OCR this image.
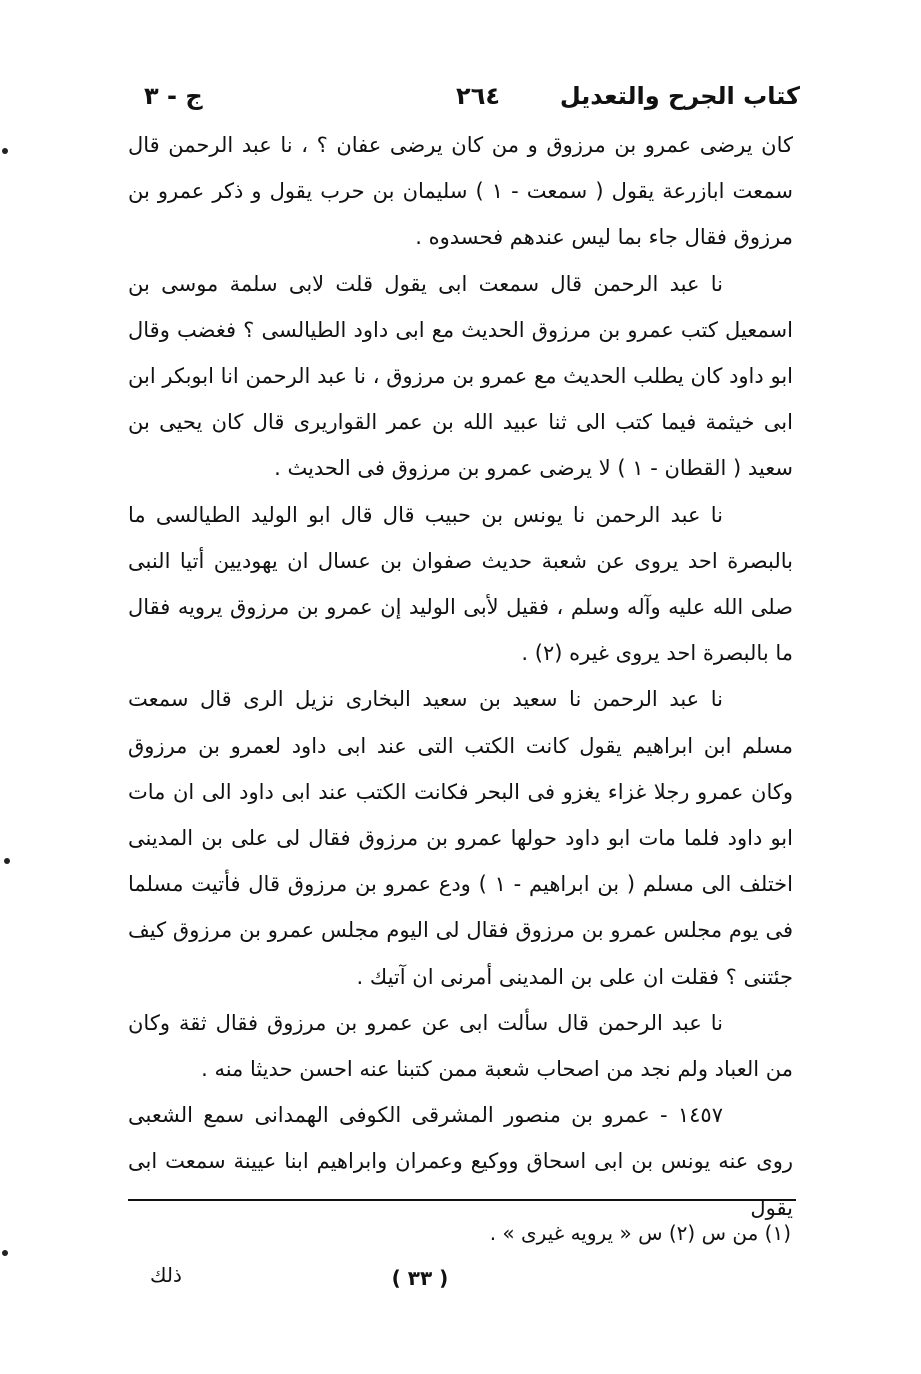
كتاب الجرح والتعديل
٢٦٤
ج - ٣

كان يرضى عمرو بن مرزوق و من كان يرضى عفان ؟ ، نا عبد الرحمن قال سمعت ابازرعة يقول ( سمعت - ١ ) سليمان بن حرب يقول و ذكر عمرو بن مرزوق فقال جاء بما ليس عندهم فحسدوه .

نا عبد الرحمن قال سمعت ابى يقول قلت لابى سلمة موسى بن اسمعيل كتب عمرو بن مرزوق الحديث مع ابى داود الطيالسى ؟ فغضب وقال ابو داود كان يطلب الحديث مع عمرو بن مرزوق ، نا عبد الرحمن انا ابوبكر ابن ابى خيثمة فيما كتب الى ثنا عبيد الله بن عمر القواريرى قال كان يحيى بن سعيد ( القطان - ١ ) لا يرضى عمرو بن مرزوق فى الحديث .

نا عبد الرحمن نا يونس بن حبيب قال قال ابو الوليد الطيالسى ما بالبصرة احد يروى عن شعبة حديث صفوان بن عسال ان يهوديين أتيا النبى صلى الله عليه وآله وسلم ، فقيل لأبى الوليد إن عمرو بن مرزوق يرويه فقال ما بالبصرة احد يروى غيره (٢) .

نا عبد الرحمن نا سعيد بن سعيد البخارى نزيل الرى قال سمعت مسلم ابن ابراهيم يقول كانت الكتب التى عند ابى داود لعمرو بن مرزوق وكان عمرو رجلا غزاء يغزو فى البحر فكانت الكتب عند ابى داود الى ان مات ابو داود فلما مات ابو داود حولها عمرو بن مرزوق فقال لى على بن المدينى اختلف الى مسلم ( بن ابراهيم - ١ ) ودع عمرو بن مرزوق قال فأتيت مسلما فى يوم مجلس عمرو بن مرزوق فقال لى اليوم مجلس عمرو بن مرزوق كيف جئتنى ؟ فقلت ان على بن المدينى أمرنى ان آتيك .

نا عبد الرحمن قال سألت ابى عن عمرو بن مرزوق فقال ثقة وكان من العباد ولم نجد من اصحاب شعبة ممن كتبنا عنه احسن حديثا منه .

١٤٥٧ - عمرو بن منصور المشرقى الكوفى الهمدانى سمع الشعبى روى عنه يونس بن ابى اسحاق ووكيع وعمران وابراهيم ابنا عيينة سمعت ابى يقول

(١) من س (٢) س « يرويه غيرى » .
( ٣٣ )
ذلك
